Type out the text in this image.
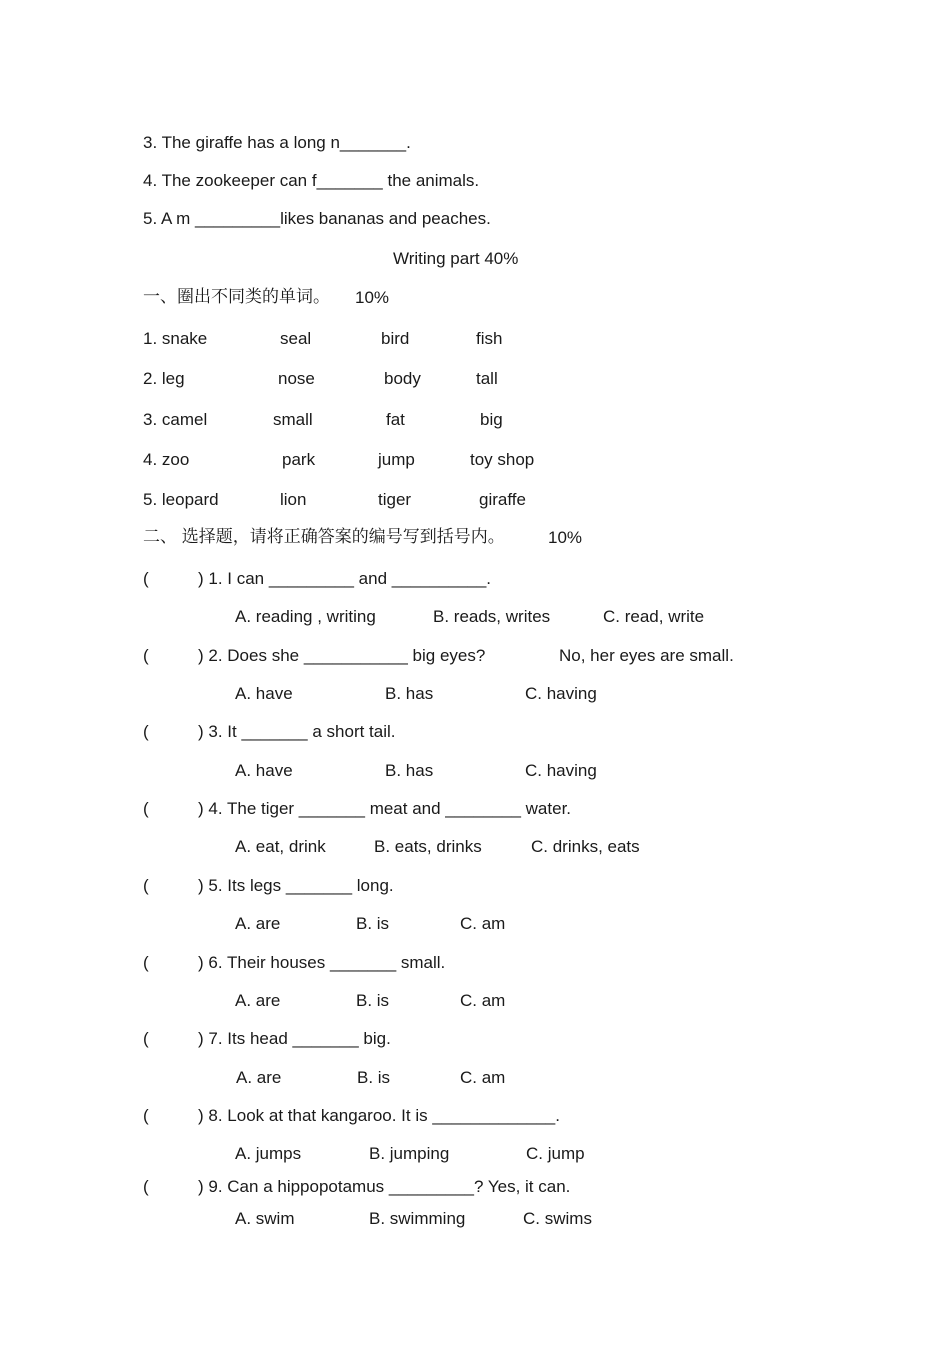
3. The giraffe has a long n_______.
4. The zookeeper can f_______ the animals.
5. A m _________likes bananas and peaches.
Writing part 40%
一、圈出不同类的单词。 10%
1. snake	seal	bird	fish
2. leg	nose	body	tall
3. camel	small	fat	big
4. zoo	park	jump	toy shop
5. leopard	lion	tiger	giraffe
二、 选择题，请将正确答案的编号写到括号内。	10%
(	) 1. I can _________ and __________.
A. reading , writing	B. reads, writes	C. read, write
(	) 2. Does she ___________ big eyes?	No, her eyes are small.
A. have	B. has	C. having
(	) 3. It _______ a short tail.
A. have	B. has	C. having
(	) 4. The tiger _______ meat and ________ water.
A. eat, drink	B. eats, drinks	C. drinks, eats
(	) 5. Its legs _______ long.
A. are	B. is	C. am
(	) 6. Their houses _______ small.
A. are	B. is	C. am
(	) 7. Its head _______ big.
A. are	B. is	C. am
(	) 8. Look at that kangaroo. It is _____________.
A. jumps	B. jumping	C. jump
(	) 9. Can a hippopotamus _________? Yes, it can.
A. swim	B. swimming	C. swims
